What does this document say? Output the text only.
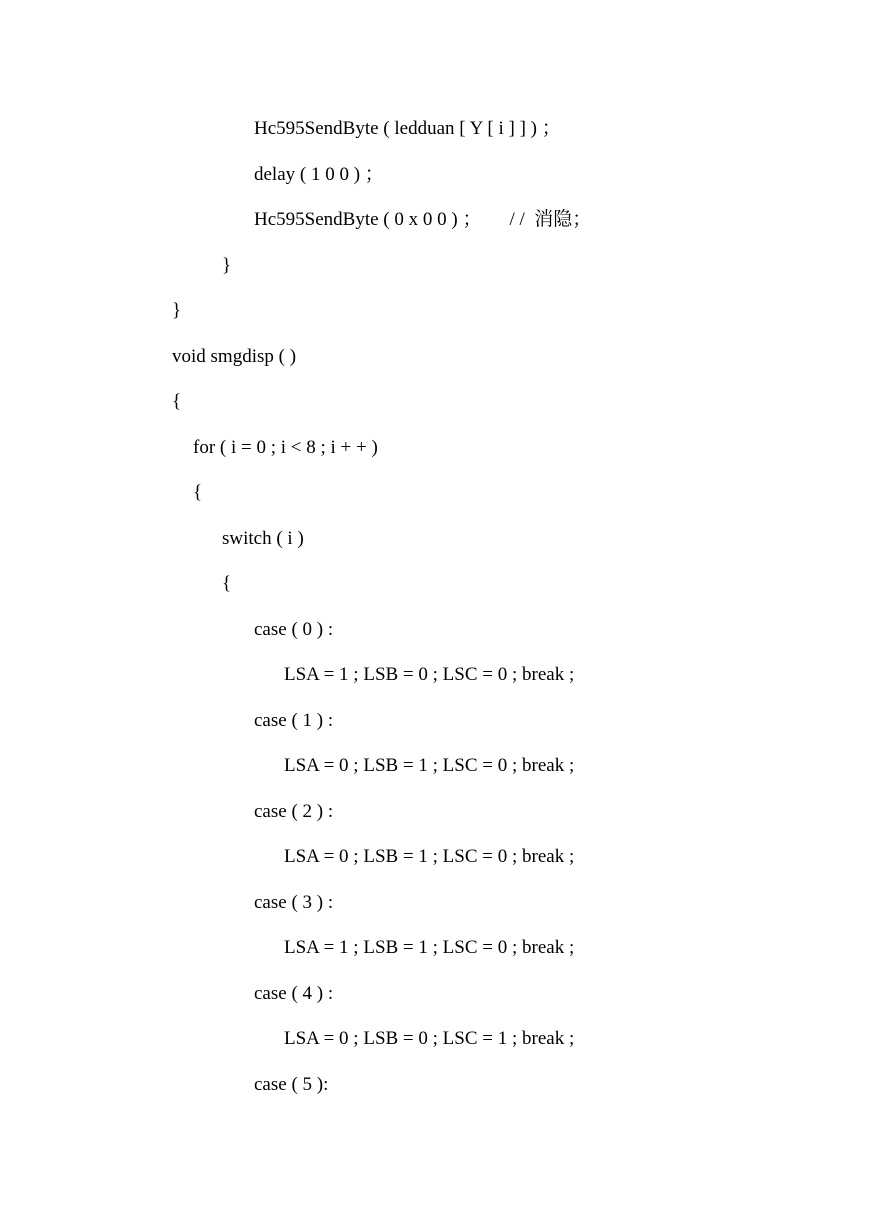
Hc595SendByte ( ledduan [ Y [ i ] ] ) ；
delay ( 1 0 0 ) ；
Hc595SendByte ( 0 x 0 0 ) ； / /  消隐；
}
}
void smgdisp ( )
{
for ( i = 0 ; i < 8 ; i + + )
{
switch ( i )
{
case ( 0 ) :
LSA = 1 ; LSB = 0 ; LSC = 0 ; break ;
case ( 1 ) :
LSA = 0 ; LSB = 1 ; LSC = 0 ; break ;
case ( 2 ) :
LSA = 0 ; LSB = 1 ; LSC = 0 ; break ;
case ( 3 ) :
LSA = 1 ; LSB = 1 ; LSC = 0 ; break ;
case ( 4 ) :
LSA = 0 ; LSB = 0 ; LSC = 1 ; break ;
case ( 5 ):
